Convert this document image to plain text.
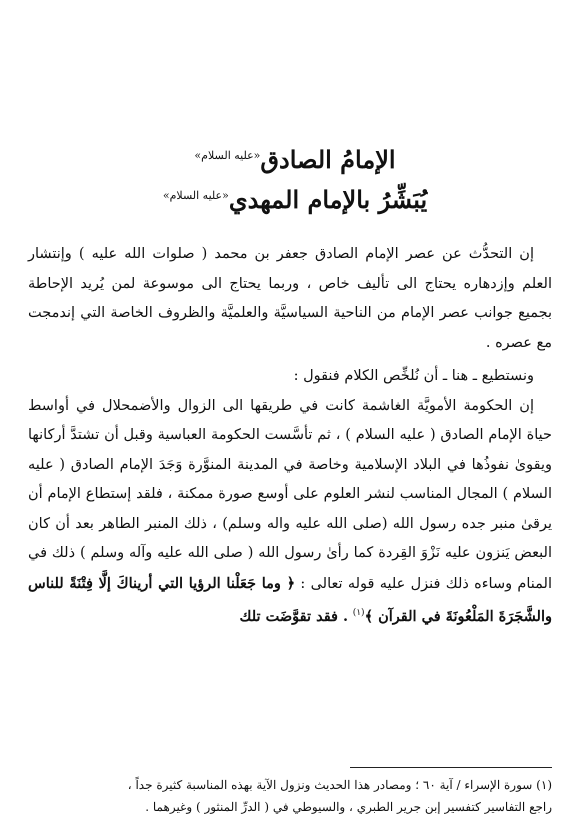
الإمامُ الصادق$^{«عليه السلام»}$
يُبَشِّرُ بالإمام المهدي$^{«عليه السلام»}$

إن التحدُّث عن عصر الإمام الصادق جعفر بن محمد ( صلوات الله عليه ) وإنتشار العلم وإزدهاره يحتاج الى تأليف خاص ، وربما يحتاج الى موسوعة لمن يُريد الإحاطة بجميع جوانب عصر الإمام من الناحية السياسيَّة والعلميَّة والظروف الخاصة التي إندمجت مع عصره .

ونستطيع ـ هنا ـ أن نُلخِّص الكلام فنقول :

إن الحكومة الأمويَّة الغاشمة كانت في طريقها الى الزوال والأضمحلال في أواسط حياة الإمام الصادق ( عليه السلام ) ، ثم تأسَّست الحكومة العباسية وقبل أن تشتدَّ أركانها ويقوىٰ نفوذُها في البلاد الإسلامية وخاصة في المدينة المنوَّرة وَجَدَ الإمام الصادق ( عليه السلام ) المجال المناسب لنشر العلوم على أوسع صورة ممكنة ، فلقد إستطاع الإمام أن يرقىٰ منبر جده رسول الله (صلى الله عليه واله وسلم) ، ذلك المنبر الطاهر بعد أن كان البعض يَنزون عليه نَزْوَ القِردة كما رأىٰ رسول الله ( صلى الله عليه وآله وسلم ) ذلك في المنام وساءه ذلك فنزل عليه قوله تعالى : ﴿ وما جَعَلْنا الرؤيا التي أريناكَ إلَّا فِتْنَةً للناس والشَّجَرَةَ المَلْعُونَةَ في القرآن ﴾$^{(١)}$ . فقد تقوَّضَت تلك

(١) سورة الإسراء / آية ٦٠ ؛ ومصادر هذا الحديث ونزول الآية بهذه المناسبة كثيرة جداً ،

راجع التفاسير كتفسير إبن جرير الطبري ، والسيوطي في ( الدرِّ المنثور ) وغيرهما .
